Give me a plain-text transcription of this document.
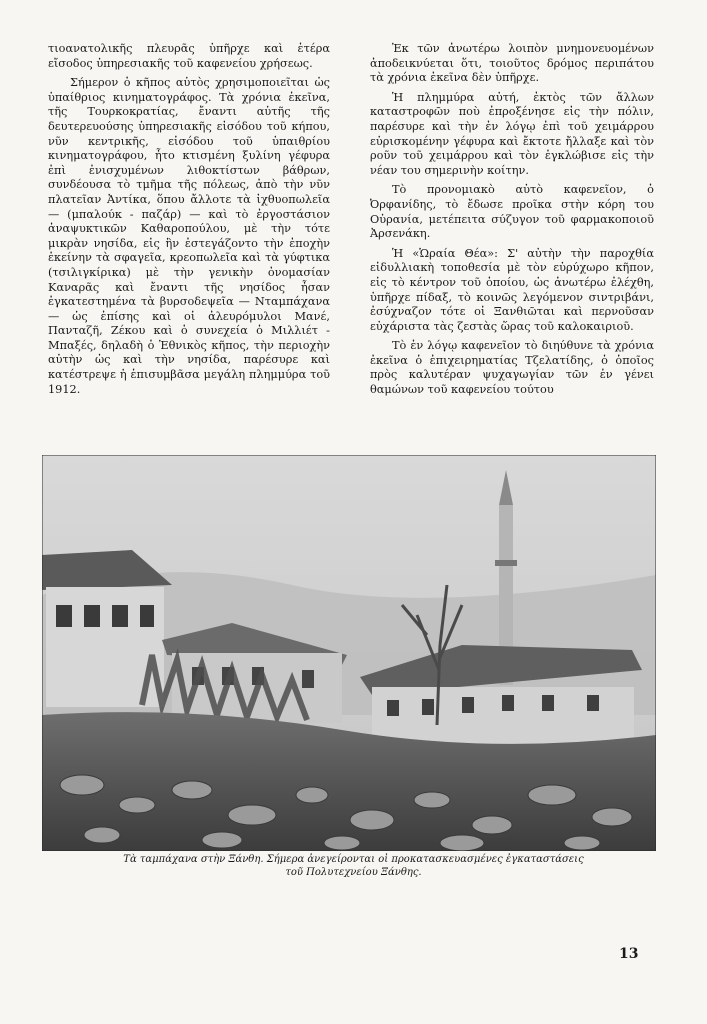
τιοανατολικῆς πλευρᾶς ὑπῆρχε καὶ ἑτέρα εἴσοδος ὑπηρεσιακῆς τοῦ καφενείου χρήσεως.

Σήμερον ὁ κῆπος αὐτὸς χρησιμοποιεῖται ὡς ὑπαίθριος κινηματογράφος. Τὰ χρόνια ἐκεῖνα, τῆς Τουρκοκρατίας, ἔναντι αὐτῆς τῆς δευτερευούσης ὑπηρεσιακῆς εἰσόδου τοῦ κήπου, νῦν κεντρικῆς, εἰσόδου τοῦ ὑπαιθρίου κινηματογράφου, ἦτο κτισμένη ξυλίνη γέφυρα ἐπὶ ἐνισχυμένων λιθοκτίστων βάθρων, συνδέουσα τὸ τμῆμα τῆς πόλεως, ἀπὸ τὴν νῦν πλατεῖαν Ἀντίκα, ὅπου ἄλλοτε τὰ ἰχθυοπωλεῖα — (μπαλούκ - παζάρ) — καὶ τὸ ἐργοστάσιον ἀναψυκτικῶν Καθαροπούλου, μὲ τὴν τότε μικρὰν νησίδα, εἰς ἣν ἐστεγάζοντο τὴν ἐποχὴν ἐκείνην τὰ σφαγεῖα, κρεοπωλεῖα καὶ τὰ γύφτικα (τσιλιγκίρικα) μὲ τὴν γενικὴν ὀνομασίαν Καναρᾶς καὶ ἔναντι τῆς νησίδος ἦσαν ἐγκατεστημένα τὰ βυρσοδεψεῖα — Νταμπάχανα — ὡς ἐπίσης καὶ οἱ ἀλευρόμυλοι Μανέ, Πανταζῆ, Ζέκου καὶ ὁ συνεχεία ὁ Μιλλιέτ - Μπαξές, δηλαδὴ ὁ Ἐθνικὸς κῆπος, τὴν περιοχὴν αὐτὴν ὡς καὶ τὴν νησίδα, παρέσυρε καὶ κατέστρεψε ἡ ἐπισυμβᾶσα μεγάλη πλημμύρα τοῦ 1912.

Ἐκ τῶν ἀνωτέρω λοιπὸν μνημονευομένων ἀποδεικνύεται ὅτι, τοιοῦτος δρόμος περιπάτου τὰ χρόνια ἐκεῖνα δὲν ὑπῆρχε.

Ἡ πλημμύρα αὐτή, ἐκτὸς τῶν ἄλλων καταστροφῶν ποὺ ἐπροξένησε εἰς τὴν πόλιν, παρέσυρε καὶ τὴν ἐν λόγῳ ἐπὶ τοῦ χειμάρρου εὐρισκομένην γέφυρα καὶ ἔκτοτε ἤλλαξε καὶ τὸν ροῦν τοῦ χειμάρρου καὶ τὸν ἐγκλώβισε εἰς τὴν νέαν του σημερινὴν κοίτην.

Τὸ προνομιακὸ αὐτὸ καφενεῖον, ὁ Ὀρφανίδης, τὸ ἔδωσε προῖκα στὴν κόρη του Οὐρανία, μετέπειτα σύζυγον τοῦ φαρμακοποιοῦ Ἀρσενάκη.

Ἡ «Ὡραία Θέα»: Σ' αὐτὴν τὴν παροχθία εἰδυλλιακὴ τοποθεσία μὲ τὸν εὐρύχωρο κῆπον, εἰς τὸ κέντρον τοῦ ὁποίου, ὡς ἀνωτέρω ἐλέχθη, ὑπῆρχε πίδαξ, τὸ κοινῶς λεγόμενον σιντριβάνι, ἐσύχναζον τότε οἱ Ξανθιῶται καὶ περνοῦσαν εὐχάριστα τὰς ζεστὰς ὥρας τοῦ καλοκαιριοῦ.

Τὸ ἐν λόγῳ καφενεῖον τὸ διηύθυνε τὰ χρόνια ἐκεῖνα ὁ ἐπιχειρηματίας Τζελατίδης, ὁ ὁποῖος πρὸς καλυτέραν ψυχαγωγίαν τῶν ἐν γένει θαμώνων τοῦ καφενείου τούτου

Τὰ ταμπάχανα στὴν Ξάνθη. Σήμερα ἀνεγείρονται οἱ προκατασκευασμένες ἐγκαταστάσεις
τοῦ Πολυτεχνείου Ξάνθης.
13
